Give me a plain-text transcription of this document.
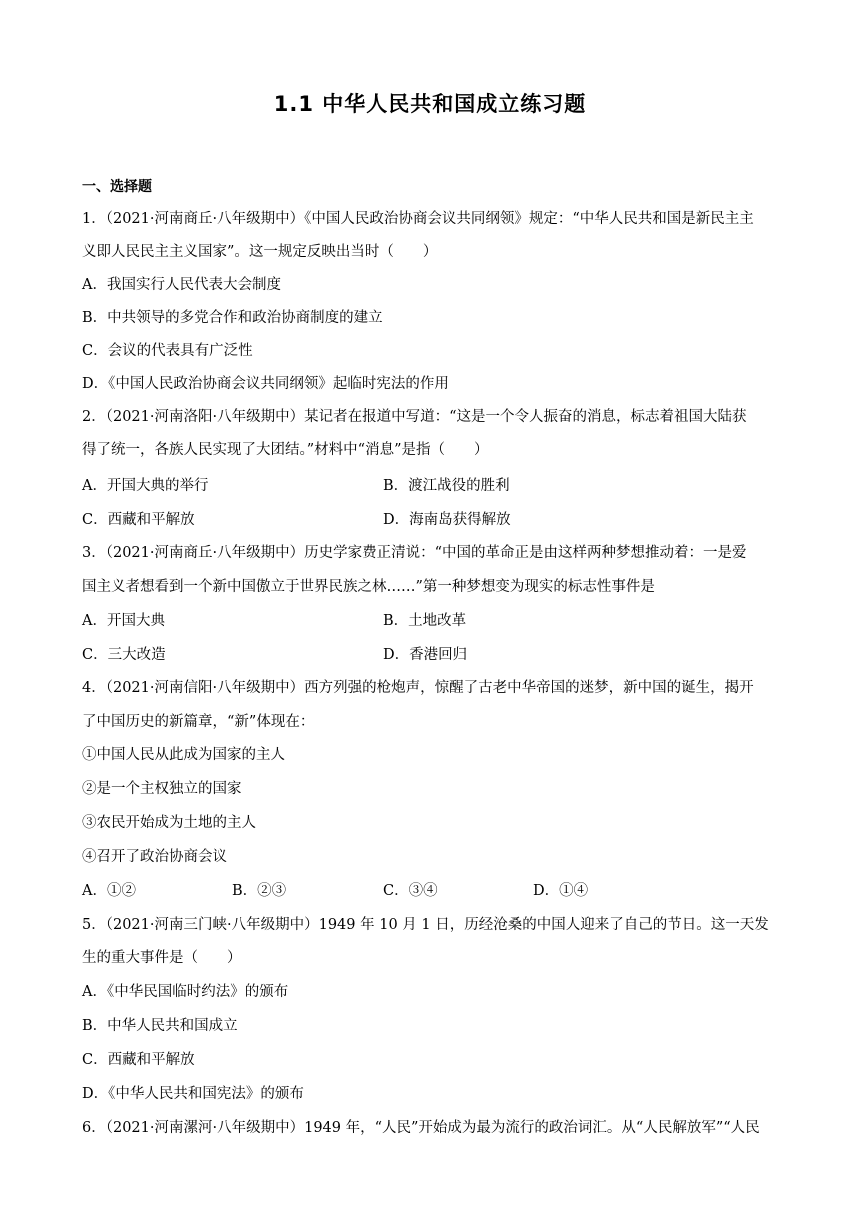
1.1 中华人民共和国成立练习题
一、选择题
1．（2021·河南商丘·八年级期中）《中国人民政治协商会议共同纲领》规定：“中华人民共和国是新民主主
义即人民民主主义国家”。这一规定反映出当时（　　）
A．我国实行人民代表大会制度
B．中共领导的多党合作和政治协商制度的建立
C．会议的代表具有广泛性
D．《中国人民政治协商会议共同纲领》起临时宪法的作用
2．（2021·河南洛阳·八年级期中）某记者在报道中写道：“这是一个令人振奋的消息，标志着祖国大陆获
得了统一，各族人民实现了大团结。”材料中“消息”是指（　　）
A．开国大典的举行	B．渡江战役的胜利
C．西藏和平解放	D．海南岛获得解放
3．（2021·河南商丘·八年级期中）历史学家费正清说：“中国的革命正是由这样两种梦想推动着：一是爱
国主义者想看到一个新中国傲立于世界民族之林……”第一种梦想变为现实的标志性事件是
A．开国大典	B．土地改革
C．三大改造	D．香港回归
4．（2021·河南信阳·八年级期中）西方列强的枪炮声，惊醒了古老中华帝国的迷梦，新中国的诞生，揭开
了中国历史的新篇章，“新”体现在：
①中国人民从此成为国家的主人
②是一个主权独立的国家
③农民开始成为土地的主人
④召开了政治协商会议
A．①②	B．②③	C．③④	D．①④
5．（2021·河南三门峡·八年级期中）1949 年 10 月 1 日，历经沧桑的中国人迎来了自己的节日。这一天发
生的重大事件是（　　）
A．《中华民国临时约法》的颁布
B．中华人民共和国成立
C．西藏和平解放
D．《中华人民共和国宪法》的颁布
6．（2021·河南漯河·八年级期中）1949 年，“人民”开始成为最为流行的政治词汇。从“人民解放军”“人民
